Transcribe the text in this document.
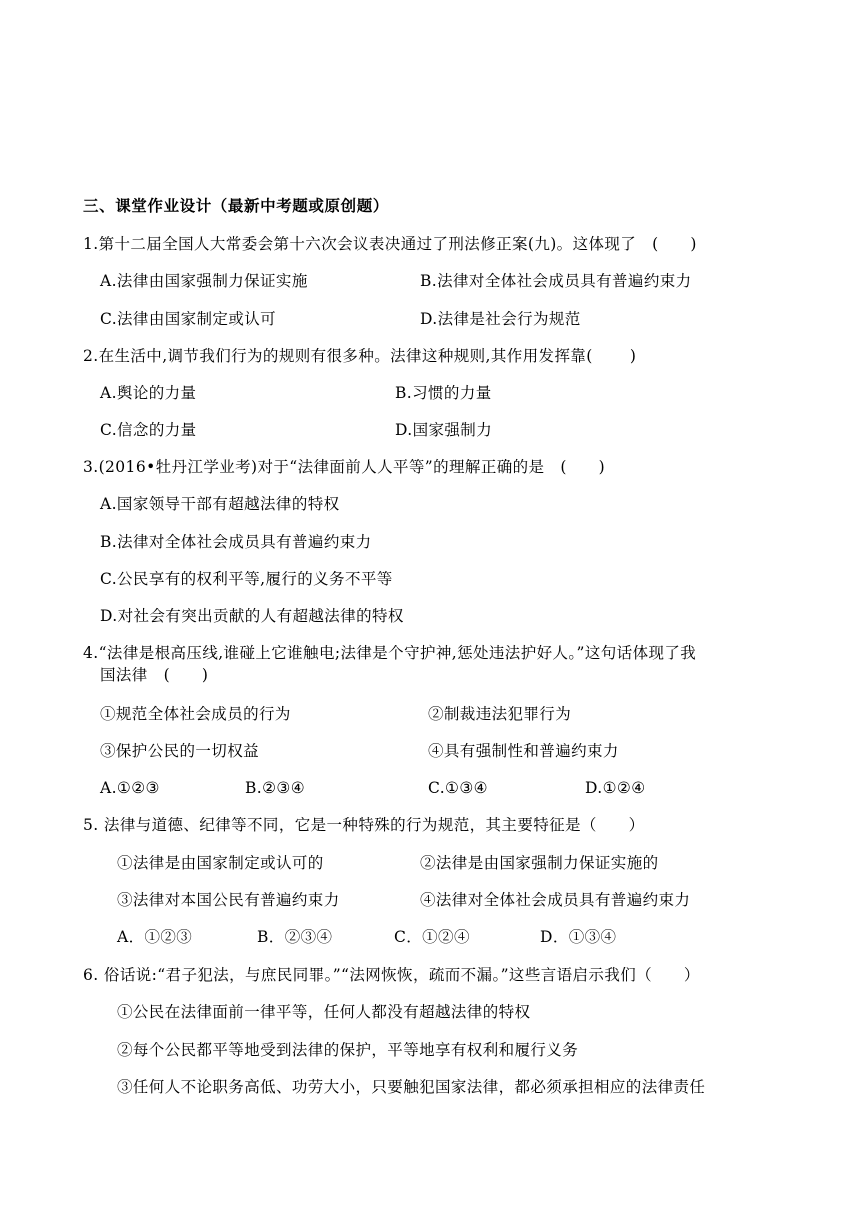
三、课堂作业设计（最新中考题或原创题）
1.第十二届全国人大常委会第十六次会议表决通过了刑法修正案(九)。这体现了　(　　)
A.法律由国家强制力保证实施	B.法律对全体社会成员具有普遍约束力
C.法律由国家制定或认可	D.法律是社会行为规范
2.在生活中,调节我们行为的规则有很多种。法律这种规则,其作用发挥靠(　　 )
A.舆论的力量	B.习惯的力量
C.信念的力量	D.国家强制力
3.(2016•牡丹江学业考)对于“法律面前人人平等”的理解正确的是　(　　)
A.国家领导干部有超越法律的特权
B.法律对全体社会成员具有普遍约束力
C.公民享有的权利平等,履行的义务不平等
D.对社会有突出贡献的人有超越法律的特权
4.“法律是根高压线,谁碰上它谁触电;法律是个守护神,惩处违法护好人。”这句话体现了我
国法律　(　　)
①规范全体社会成员的行为	②制裁违法犯罪行为
③保护公民的一切权益	④具有强制性和普遍约束力
A.①②③	B.②③④	C.①③④	D.①②④
5. 法律与道德、纪律等不同，它是一种特殊的行为规范，其主要特征是（　　）
①法律是由国家制定或认可的	②法律是由国家强制力保证实施的
③法律对本国公民有普遍约束力	④法律对全体社会成员具有普遍约束力
A．①②③	B．②③④	C．①②④	D．①③④
6. 俗话说:“君子犯法，与庶民同罪。”“法网恢恢，疏而不漏。”这些言语启示我们（　　）
①公民在法律面前一律平等，任何人都没有超越法律的特权
②每个公民都平等地受到法律的保护，平等地享有权利和履行义务
③任何人不论职务高低、功劳大小，只要触犯国家法律，都必须承担相应的法律责任
